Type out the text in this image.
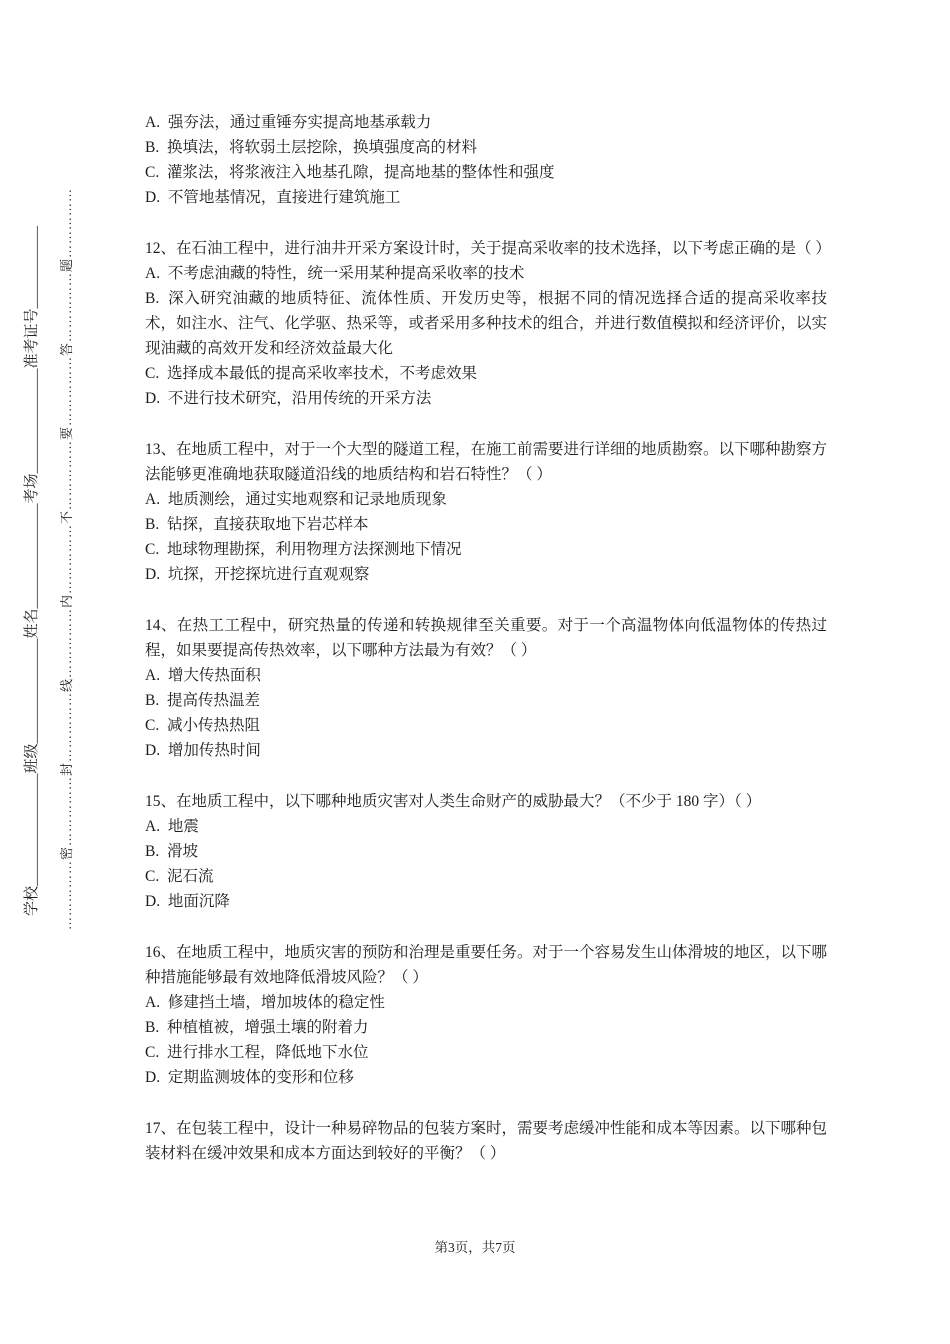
学校_______________班级______________姓名______________考场______________准考证号___________ ……………密……………封……………线……………内……………不……………要……………答……………题……………

A.  强夯法，通过重锤夯实提高地基承载力

B.  换填法，将软弱土层挖除，换填强度高的材料

C.  灌浆法，将浆液注入地基孔隙，提高地基的整体性和强度

D.  不管地基情况，直接进行建筑施工

12、在石油工程中，进行油井开采方案设计时，关于提高采收率的技术选择，以下考虑正确的是（ ）

A.  不考虑油藏的特性，统一采用某种提高采收率的技术

B.  深入研究油藏的地质特征、流体性质、开发历史等，根据不同的情况选择合适的提高采收率技术，如注水、注气、化学驱、热采等，或者采用多种技术的组合，并进行数值模拟和经济评价，以实现油藏的高效开发和经济效益最大化

C.  选择成本最低的提高采收率技术，不考虑效果

D.  不进行技术研究，沿用传统的开采方法

13、在地质工程中，对于一个大型的隧道工程，在施工前需要进行详细的地质勘察。以下哪种勘察方法能够更准确地获取隧道沿线的地质结构和岩石特性？（ ）

A.  地质测绘，通过实地观察和记录地质现象

B.  钻探，直接获取地下岩芯样本

C.  地球物理勘探，利用物理方法探测地下情况

D.  坑探，开挖探坑进行直观观察

14、在热工工程中，研究热量的传递和转换规律至关重要。对于一个高温物体向低温物体的传热过程，如果要提高传热效率，以下哪种方法最为有效？（ ）

A.  增大传热面积

B.  提高传热温差

C.  减小传热热阻

D.  增加传热时间

15、在地质工程中，以下哪种地质灾害对人类生命财产的威胁最大？（不少于 180 字）（ ）

A.  地震

B.  滑坡

C.  泥石流

D.  地面沉降

16、在地质工程中，地质灾害的预防和治理是重要任务。对于一个容易发生山体滑坡的地区，以下哪种措施能够最有效地降低滑坡风险？（ ）

A.  修建挡土墙，增加坡体的稳定性

B.  种植植被，增强土壤的附着力

C.  进行排水工程，降低地下水位

D.  定期监测坡体的变形和位移

17、在包装工程中，设计一种易碎物品的包装方案时，需要考虑缓冲性能和成本等因素。以下哪种包装材料在缓冲效果和成本方面达到较好的平衡？（ ）

第3页，共7页
